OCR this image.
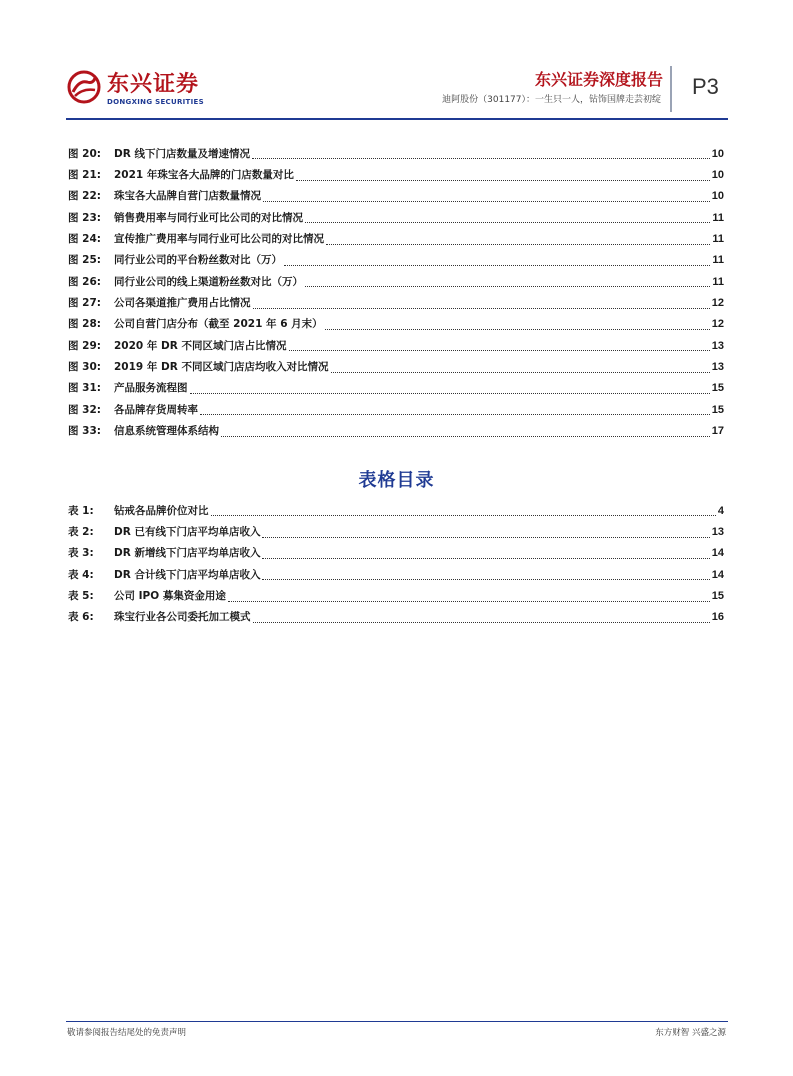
东兴证券
DONGXING SECURITIES
东兴证券深度报告
迪阿股份（301177）：一生只一人，钻饰国牌走芸初绽
P3
图 20: DR 线下门店数量及增速情况	10
图 21: 2021 年珠宝各大品牌的门店数量对比	10
图 22: 珠宝各大品牌自营门店数量情况	10
图 23: 销售费用率与同行业可比公司的对比情况	11
图 24: 宣传推广费用率与同行业可比公司的对比情况	11
图 25: 同行业公司的平台粉丝数对比（万）	11
图 26: 同行业公司的线上渠道粉丝数对比（万）	11
图 27: 公司各渠道推广费用占比情况	12
图 28: 公司自营门店分布（截至 2021 年 6 月末）	12
图 29: 2020 年 DR 不同区域门店占比情况	13
图 30: 2019 年 DR 不同区域门店店均收入对比情况	13
图 31: 产品服务流程图	15
图 32: 各品牌存货周转率	15
图 33: 信息系统管理体系结构	17
表格目录
表 1: 钻戒各品牌价位对比	4
表 2: DR 已有线下门店平均单店收入	13
表 3: DR 新增线下门店平均单店收入	14
表 4: DR 合计线下门店平均单店收入	14
表 5: 公司 IPO 募集资金用途	15
表 6: 珠宝行业各公司委托加工模式	16
敬请参阅报告结尾处的免责声明	东方财智 兴盛之源
